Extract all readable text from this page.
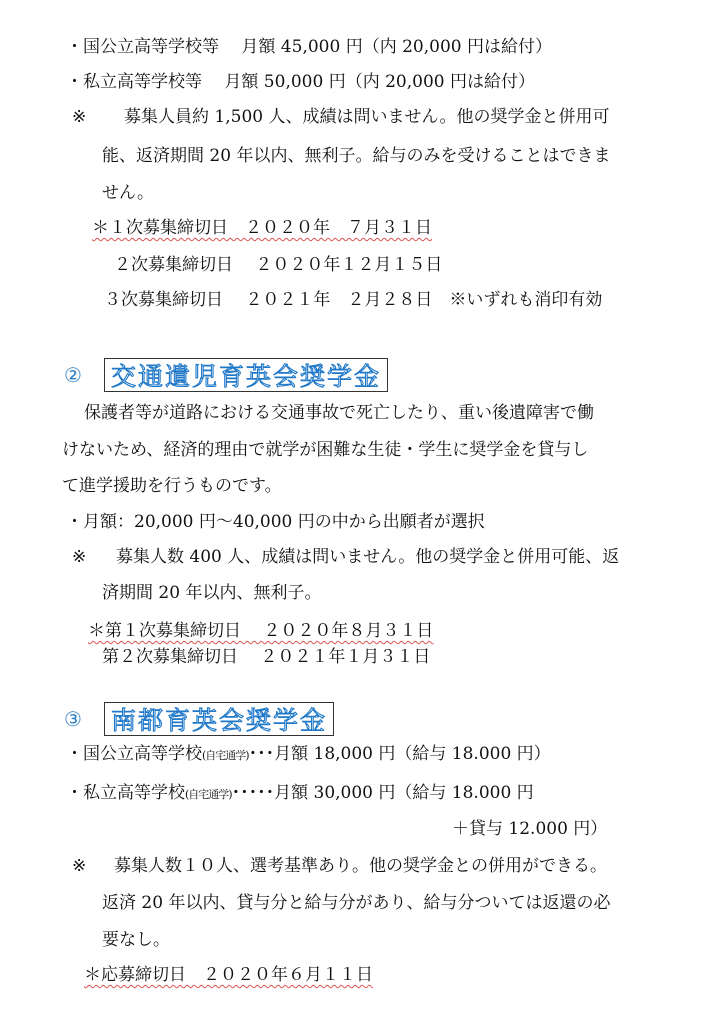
・国公立高等学校等　 月額 45,000 円（内 20,000 円は給付）
・私立高等学校等　 月額 50,000 円（内 20,000 円は給付）
※ 募集人員約 1,500 人、成績は問いません。他の奨学金と併用可
能、返済期間 20 年以内、無利子。給与のみを受けることはできま
せん。
＊１次募集締切日　２０２０年　７月３１日
２次募集締切日　 ２０２０年１２月１５日
３次募集締切日　 ２０２１年　２月２８日　※いずれも消印有効
②	交通遺児育英会奨学金
保護者等が道路における交通事故で死亡したり、重い後遺障害で働
けないため、経済的理由で就学が困難な生徒・学生に奨学金を貸与し
て進学援助を行うものです。
・月額：20,000 円～40,000 円の中から出願者が選択
※ 募集人数 400 人、成績は問いません。他の奨学金と併用可能、返
済期間 20 年以内、無利子。
＊第１次募集締切日　 ２０２０年８月３１日
第２次募集締切日　 ２０２１年１月３１日
③	南都育英会奨学金
・国公立高等学校(自宅通学)･･･月額 18,000 円（給与 18.000 円）
・私立高等学校(自宅通学)･････月額 30,000 円（給与 18.000 円
＋貸与 12.000 円）
※ 募集人数１０人、選考基準あり。他の奨学金との併用ができる。
返済 20 年以内、貸与分と給与分があり、給与分ついては返還の必
要なし。
＊応募締切日　２０２０年６月１１日
